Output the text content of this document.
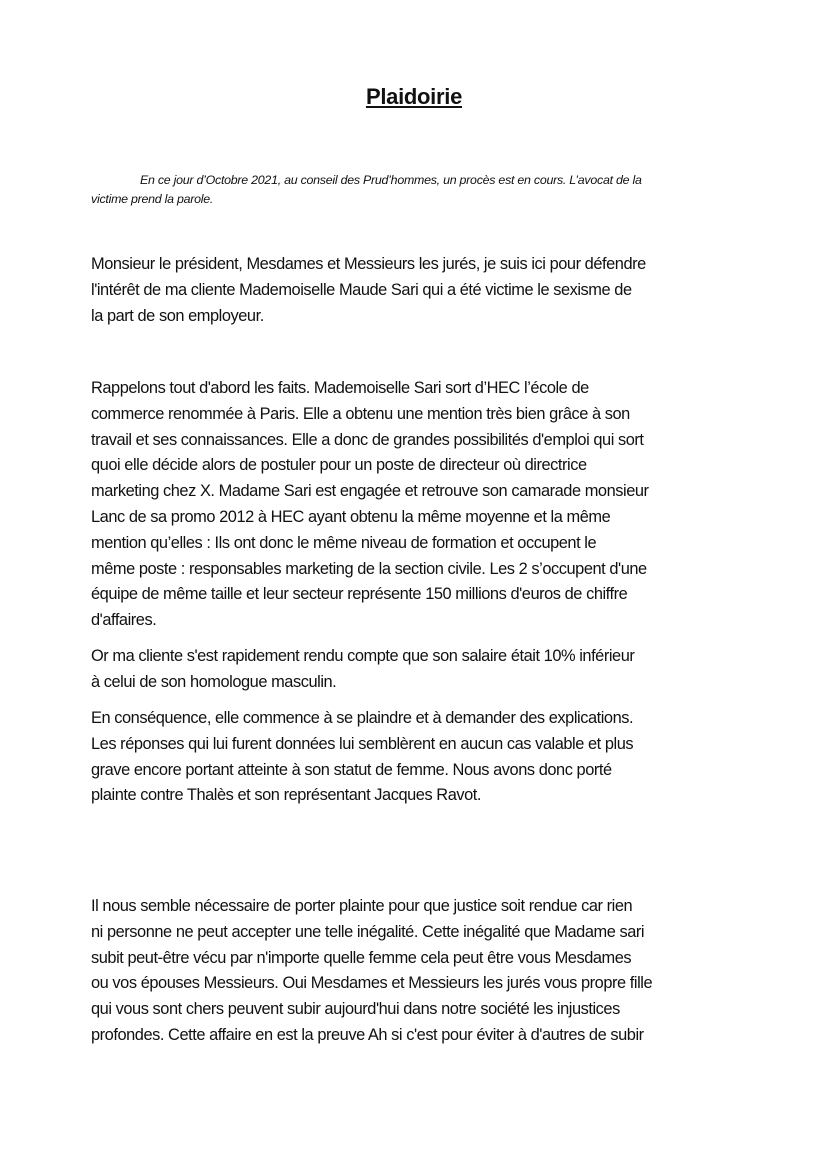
Plaidoirie
En ce jour d’Octobre 2021, au conseil des Prud’hommes, un procès est en cours. L’avocat de la
victime prend la parole.
Monsieur le président, Mesdames et Messieurs les jurés, je suis ici pour défendre
l'intérêt de ma cliente Mademoiselle Maude Sari qui a été victime le sexisme de
la part de son employeur.
Rappelons tout d'abord les faits. Mademoiselle Sari sort d’HEC l’école de
commerce renommée à Paris. Elle a obtenu une mention très bien grâce à son
travail et ses connaissances. Elle a donc de grandes possibilités d'emploi qui sort
quoi elle décide alors de postuler pour un poste de directeur où directrice
marketing chez X. Madame Sari est engagée et retrouve son camarade monsieur
Lanc de sa promo 2012 à HEC ayant obtenu la même moyenne et la même
mention qu’elles : Ils ont donc le même niveau de formation et occupent le
même poste : responsables marketing de la section civile. Les 2 s’occupent d'une
équipe de même taille et leur secteur représente 150 millions d'euros de chiffre
d'affaires.
Or ma cliente s'est rapidement rendu compte que son salaire était 10% inférieur
à celui de son homologue masculin.
En conséquence, elle commence à se plaindre et à demander des explications.
Les réponses qui lui furent données lui semblèrent en aucun cas valable et plus
grave encore portant atteinte à son statut de femme. Nous avons donc porté
plainte contre Thalès et son représentant Jacques Ravot.
Il nous semble nécessaire de porter plainte pour que justice soit rendue car rien
ni personne ne peut accepter une telle inégalité. Cette inégalité que Madame sari
subit peut-être vécu par n'importe quelle femme cela peut être vous Mesdames
ou vos épouses Messieurs. Oui Mesdames et Messieurs les jurés vous propre fille
qui vous sont chers peuvent subir aujourd'hui dans notre société les injustices
profondes. Cette affaire en est la preuve Ah si c'est pour éviter à d'autres de subir
